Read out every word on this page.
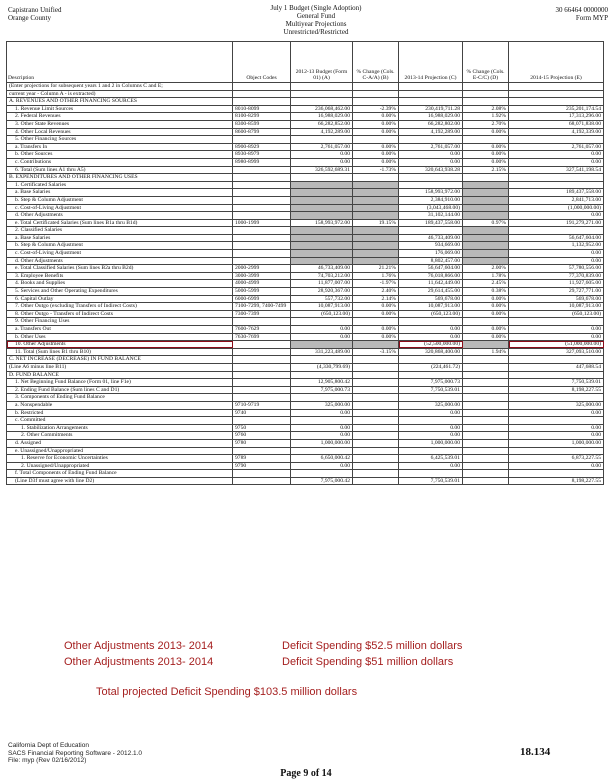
Capistrano Unified
Orange County
July 1 Budget (Single Adoption)
General Fund
Multiyear Projections
Unrestricted/Restricted
30 66464 0000000
Form MYP
Description	Object Codes	2012-13 Budget (Form 01) (A)	% Change (Cols. C-A/A) (B)	2013-14 Projection (C)	% Change (Cols. E-C/C) (D)	2014-15 Projection (E)
(Enter projections for subsequent years 1 and 2 in Columns C and E;						
current year - Column A - is extracted)						
A. REVENUES AND OTHER FINANCING SOURCES						
1. Revenue Limit Sources	8010-8099	236,068,462.00	-2.39%	230,419,711.28	2.08%	235,201,174.54
2. Federal Revenues	8100-8299	16,988,029.00	0.00%	16,988,029.00	1.92%	17,313,296.00
3. Other State Revenues	8300-8599	66,282,852.00	0.00%	66,282,802.00	2.70%	68,071,838.00
4. Other Local Revenues	8600-8799	4,192,289.00	0.00%	4,192,289.00	0.00%	4,192,339.00
5. Other Financing Sources						
a. Transfers In	8900-8929	2,761,057.00	0.00%	2,761,057.00	0.00%	2,761,057.00
b. Other Sources	8930-8979	0.00	0.00%	0.00	0.00%	0.00
c. Contributions	8980-8999	0.00	0.00%	0.00	0.00%	0.00
6. Total (Sum lines A1 thru A5)		326,592,689.31	-1.73%	320,643,938.28	2.15%	327,541,198.54
B. EXPENDITURES AND OTHER FINANCING USES						
1. Certificated Salaries						
a. Base Salaries				158,993,972.00		189,437,558.00
b. Step & Column Adjustment				2,384,910.00		2,841,713.00
c. Cost-of-Living Adjustment				(3,043,468.00)		(1,000,000.00)
d. Other Adjustments				31,102,144.00		0.00
e. Total Certificated Salaries (Sum lines B1a thru B1d)	1000-1999	158,993,972.00	19.15%	189,437,558.00	0.97%	191,279,271.00
2. Classified Salaries						
a. Base Salaries				46,733,409.00		56,647,604.00
b. Step & Column Adjustment				934,669.00		1,132,952.00
c. Cost-of-Living Adjustment				176,069.00		0.00
d. Other Adjustments				8,802,457.00		0.00
e. Total Classified Salaries (Sum lines B2a thru B2d)	2000-2999	46,733,409.00	21.21%	56,647,604.00	2.00%	57,780,556.00
3. Employee Benefits	3000-3999	74,703,212.00	1.76%	76,018,866.00	1.78%	77,370,839.00
4. Books and Supplies	4000-4999	11,877,007.00	-1.97%	11,642,449.00	2.45%	11,927,605.00
5. Services and Other Operating Expenditures	5000-5999	28,920,367.00	2.40%	29,614,455.00	0.38%	29,727,771.00
6. Capital Outlay	6000-6999	557,732.00	2.14%	569,678.00	0.00%	569,678.00
7. Other Outgo (excluding Transfers of Indirect Costs)	7100-7299, 7400-7499	10,087,913.00	0.00%	10,087,913.00	0.00%	10,087,913.00
8. Other Outgo - Transfers of Indirect Costs	7300-7399	(650,123.00)	0.00%	(650,123.00)	0.00%	(650,123.00)
9. Other Financing Uses						
a. Transfers Out	7600-7629	0.00	0.00%	0.00	0.00%	0.00
b. Other Uses	7630-7699	0.00	0.00%	0.00	0.00%	0.00
10. Other Adjustments				(52,500,000.00)		(51,000,000.00)
11. Total (Sum lines B1 thru B10)		331,223,489.00	-3.15%	320,868,400.00	1.94%	327,093,510.00
C. NET INCREASE (DECREASE) IN FUND BALANCE						
(Line A6 minus line B11)		(4,330,799.69)		(224,461.72)		447,688.54
D. FUND BALANCE						
1. Net Beginning Fund Balance (Form 01, line F1e)		12,905,800.42		7,975,000.73		7,750,539.01
2. Ending Fund Balance (Sum lines C and D1)		7,975,000.73		7,750,539.01		8,198,227.55
3. Components of Ending Fund Balance						
a. Nonspendable	9710-9719	325,000.00		325,000.00		325,000.00
b. Restricted	9740	0.00		0.00		0.00
c. Committed						
1. Stabilization Arrangements	9750	0.00		0.00		0.00
2. Other Commitments	9760	0.00		0.00		0.00
d. Assigned	9780	1,000,000.00		1,000,000.00		1,000,000.00
e. Unassigned/Unappropriated						
1. Reserve for Economic Uncertainties	9789	6,650,000.42		6,425,539.01		6,873,227.55
2. Unassigned/Unappropriated	9790	0.00		0.00		0.00
f. Total Components of Ending Fund Balance						
(Line D3f must agree with line D2)		7,975,000.42		7,750,539.01		8,198,227.55
Other Adjustments 2013- 2014	Deficit Spending $52.5 million dollars
Other Adjustments 2013- 2014	Deficit Spending $51 million dollars
Total projected Deficit Spending $103.5 million dollars
California Dept of Education
SACS Financial Reporting Software - 2012.1.0
File: myp (Rev 02/16/2012)
18.134
Page 9 of 14
